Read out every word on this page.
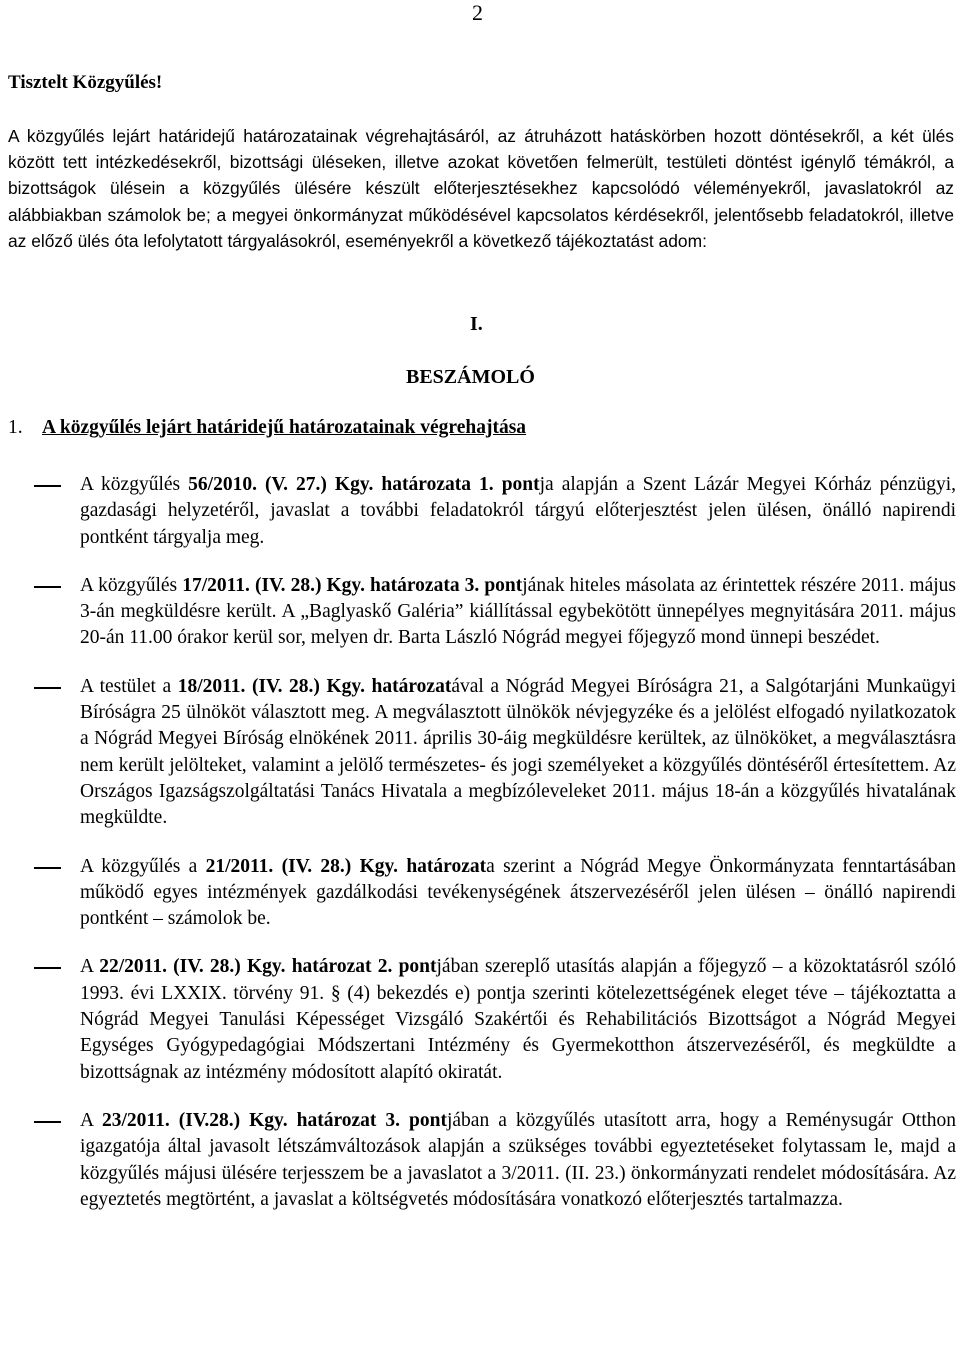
2
Tisztelt Közgyűlés!

A közgyűlés lejárt határidejű határozatainak végrehajtásáról, az átruházott hatáskörben hozott döntésekről, a két ülés között tett intézkedésekről, bizottsági üléseken, illetve azokat követően felmerült, testületi döntést igénylő témákról, a bizottságok ülésein a közgyűlés ülésére készült előterjesztésekhez kapcsolódó véleményekről, javaslatokról az alábbiakban számolok be; a megyei önkormányzat működésével kapcsolatos kérdésekről, jelentősebb feladatokról, illetve az előző ülés óta lefolytatott tárgyalásokról, eseményekről a következő tájékoztatást adom:

I.
BESZÁMOLÓ
1. A közgyűlés lejárt határidejű határozatainak végrehajtása
A közgyűlés 56/2010. (V. 27.) Kgy. határozata 1. pontja alapján a Szent Lázár Megyei Kórház pénzügyi, gazdasági helyzetéről, javaslat a további feladatokról tárgyú előterjesztést jelen ülésen, önálló napirendi pontként tárgyalja meg.
A közgyűlés 17/2011. (IV. 28.) Kgy. határozata 3. pontjának hiteles másolata az érintettek részére 2011. május 3-án megküldésre került. A „Baglyaskő Galéria” kiállítással egybekötött ünnepélyes megnyitására 2011. május 20-án 11.00 órakor kerül sor, melyen dr. Barta László Nógrád megyei főjegyző mond ünnepi beszédet.
A testület a 18/2011. (IV. 28.) Kgy. határozatával a Nógrád Megyei Bíróságra 21, a Salgótarjáni Munkaügyi Bíróságra 25 ülnököt választott meg. A megválasztott ülnökök névjegyzéke és a jelölést elfogadó nyilatkozatok a Nógrád Megyei Bíróság elnökének 2011. április 30-áig megküldésre kerültek, az ülnököket, a megválasztásra nem került jelölteket, valamint a jelölő természetes- és jogi személyeket a közgyűlés döntéséről értesítettem. Az Országos Igazságszolgáltatási Tanács Hivatala a megbízóleveleket 2011. május 18-án a közgyűlés hivatalának megküldte.
A közgyűlés a 21/2011. (IV. 28.) Kgy. határozata szerint a Nógrád Megye Önkormányzata fenntartásában működő egyes intézmények gazdálkodási tevékenységének átszervezéséről jelen ülésen – önálló napirendi pontként – számolok be.
A 22/2011. (IV. 28.) Kgy. határozat 2. pontjában szereplő utasítás alapján a főjegyző – a közoktatásról szóló 1993. évi LXXIX. törvény 91. § (4) bekezdés e) pontja szerinti kötelezettségének eleget téve – tájékoztatta a Nógrád Megyei Tanulási Képességet Vizsgáló Szakértői és Rehabilitációs Bizottságot a Nógrád Megyei Egységes Gyógypedagógiai Módszertani Intézmény és Gyermekotthon átszervezéséről, és megküldte a bizottságnak az intézmény módosított alapító okiratát.
A 23/2011. (IV.28.) Kgy. határozat 3. pontjában a közgyűlés utasított arra, hogy a Reménysugár Otthon igazgatója által javasolt létszámváltozások alapján a szükséges további egyeztetéseket folytassam le, majd a közgyűlés májusi ülésére terjesszem be a javaslatot a 3/2011. (II. 23.) önkormányzati rendelet módosítására. Az egyeztetés megtörtént, a javaslat a költségvetés módosítására vonatkozó előterjesztés tartalmazza.
